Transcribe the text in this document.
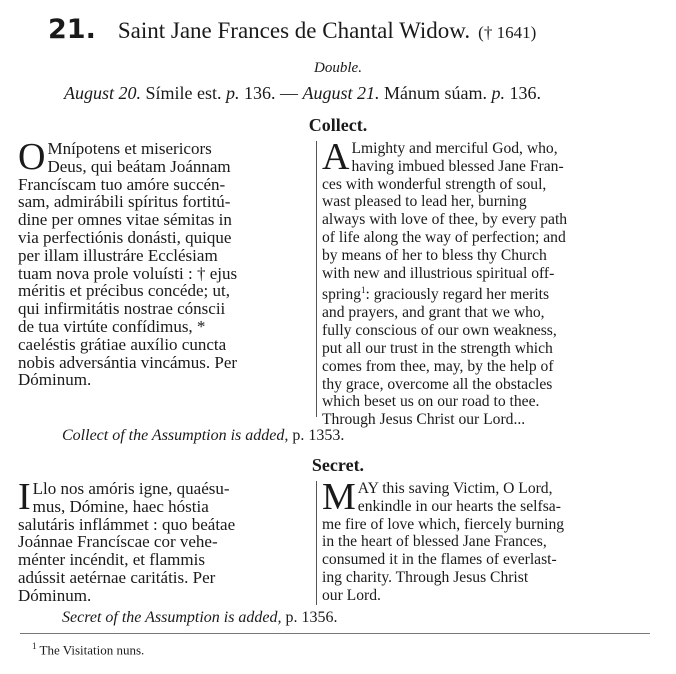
21. Saint Jane Frances de Chantal Widow. († 1641)
Double.
August 20. Símile est. p. 136. — August 21. Mánum súam. p. 136.
Collect.
O Mnípotens et misericors
Deus, qui beátam Joánnam
Francíscam tuo amóre succén-
sam, admirábili spíritus fortitú-
dine per omnes vitae sémitas in
via perfectiónis donásti, quique
per illam illustráre Ecclésiam
tuam nova prole voluísti : † ejus
méritis et précibus concéde; ut,
qui infirmitátis nostrae cónscii
de tua virtúte confídimus, *
caeléstis grátiae auxílio cuncta
nobis adversántia vincámus. Per
Dóminum.
A Lmighty and merciful God, who,
having imbued blessed Jane Fran-
ces with wonderful strength of soul,
wast pleased to lead her, burning
always with love of thee, by every path
of life along the way of perfection; and
by means of her to bless thy Church
with new and illustrious spiritual off-
spring$^1$: graciously regard her merits
and prayers, and grant that we who,
fully conscious of our own weakness,
put all our trust in the strength which
comes from thee, may, by the help of
thy grace, overcome all the obstacles
which beset us on our road to thee.
Through Jesus Christ our Lord...
Collect of the Assumption is added, p. 1353.
Secret.
I Llo nos amóris igne, quaésu-
mus, Dómine, haec hóstia
salutáris inflámmet : quo beátae
Joánnae Francíscae cor vehe-
ménter incéndit, et flammis
adússit aetérnae caritátis. Per
Dóminum.
M AY this saving Victim, O Lord,
enkindle in our hearts the selfsa-
me fire of love which, fiercely burning
in the heart of blessed Jane Frances,
consumed it in the flames of everlast-
ing charity. Through Jesus Christ
our Lord.
Secret of the Assumption is added, p. 1356.
$^1$ The Visitation nuns.
